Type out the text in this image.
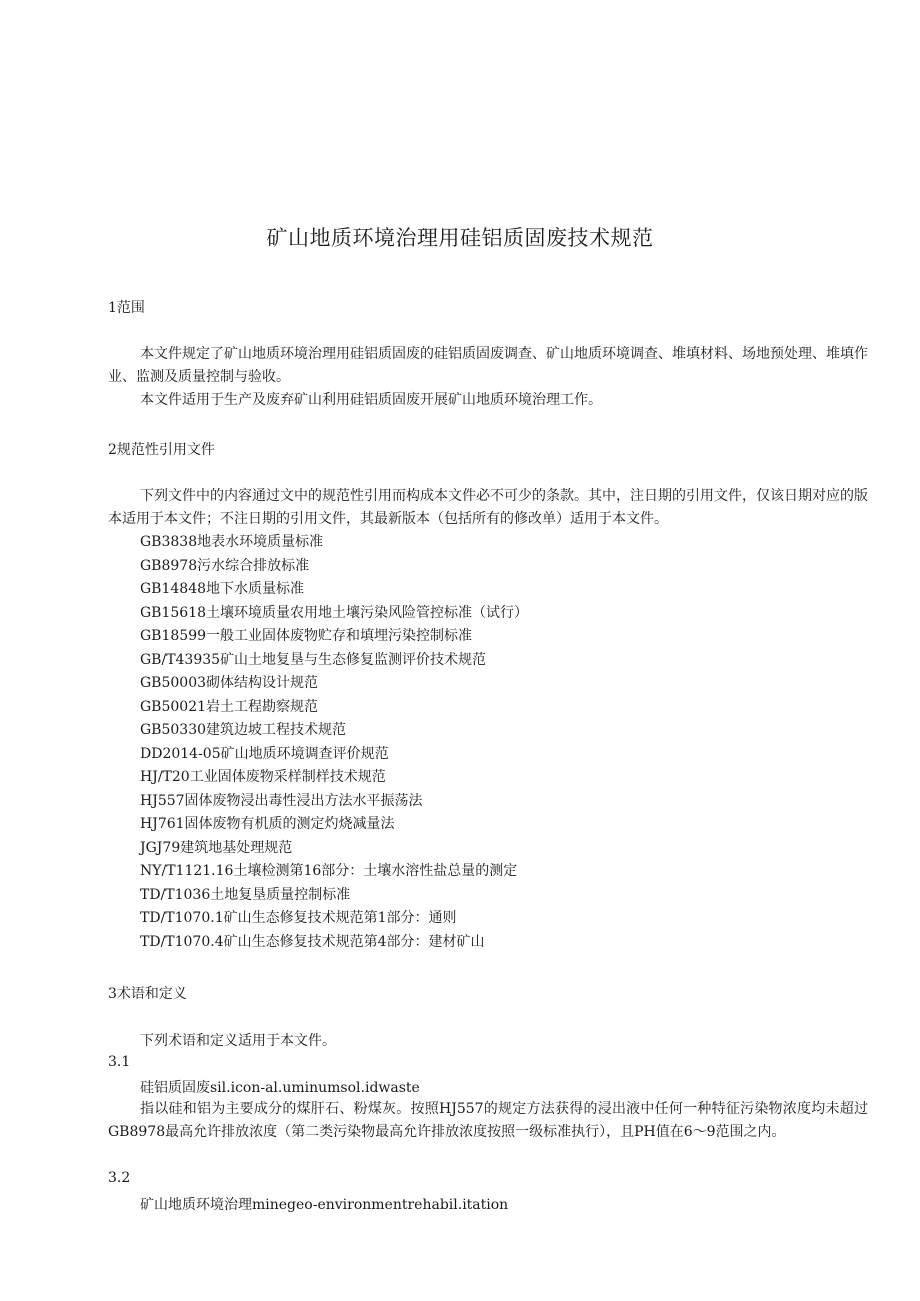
矿山地质环境治理用硅铝质固废技术规范
1范围
本文件规定了矿山地质环境治理用硅铝质固废的硅铝质固废调查、矿山地质环境调查、堆填材料、场地预处理、堆填作业、监测及质量控制与验收。
本文件适用于生产及废弃矿山利用硅铝质固废开展矿山地质环境治理工作。
2规范性引用文件
下列文件中的内容通过文中的规范性引用而构成本文件必不可少的条款。其中，注日期的引用文件，仅该日期对应的版本适用于本文件；不注日期的引用文件，其最新版本（包括所有的修改单）适用于本文件。
GB3838地表水环境质量标准
GB8978污水综合排放标准
GB14848地下水质量标准
GB15618土壤环境质量农用地土壤污染风险管控标准（试行）
GB18599一般工业固体废物贮存和填埋污染控制标准
GB/T43935矿山土地复垦与生态修复监测评价技术规范
GB50003砌体结构设计规范
GB50021岩土工程勘察规范
GB50330建筑边坡工程技术规范
DD2014-05矿山地质环境调查评价规范
HJ/T20工业固体废物采样制样技术规范
HJ557固体废物浸出毒性浸出方法水平振荡法
HJ761固体废物有机质的测定灼烧减量法
JGJ79建筑地基处理规范
NY/T1121.16土壤检测第16部分：土壤水溶性盐总量的测定
TD/T1036土地复垦质量控制标准
TD/T1070.1矿山生态修复技术规范第1部分：通则
TD/T1070.4矿山生态修复技术规范第4部分：建材矿山
3术语和定义
下列术语和定义适用于本文件。
3.1
硅铝质固废sil.icon-al.uminumsol.idwaste
指以硅和铝为主要成分的煤肝石、粉煤灰。按照HJ557的规定方法获得的浸出液中任何一种特征污染物浓度均未超过GB8978最高允许排放浓度（第二类污染物最高允许排放浓度按照一级标准执行），且PH值在6〜9范围之内。
3.2
矿山地质环境治理minegeo-environmentrehabil.itation
